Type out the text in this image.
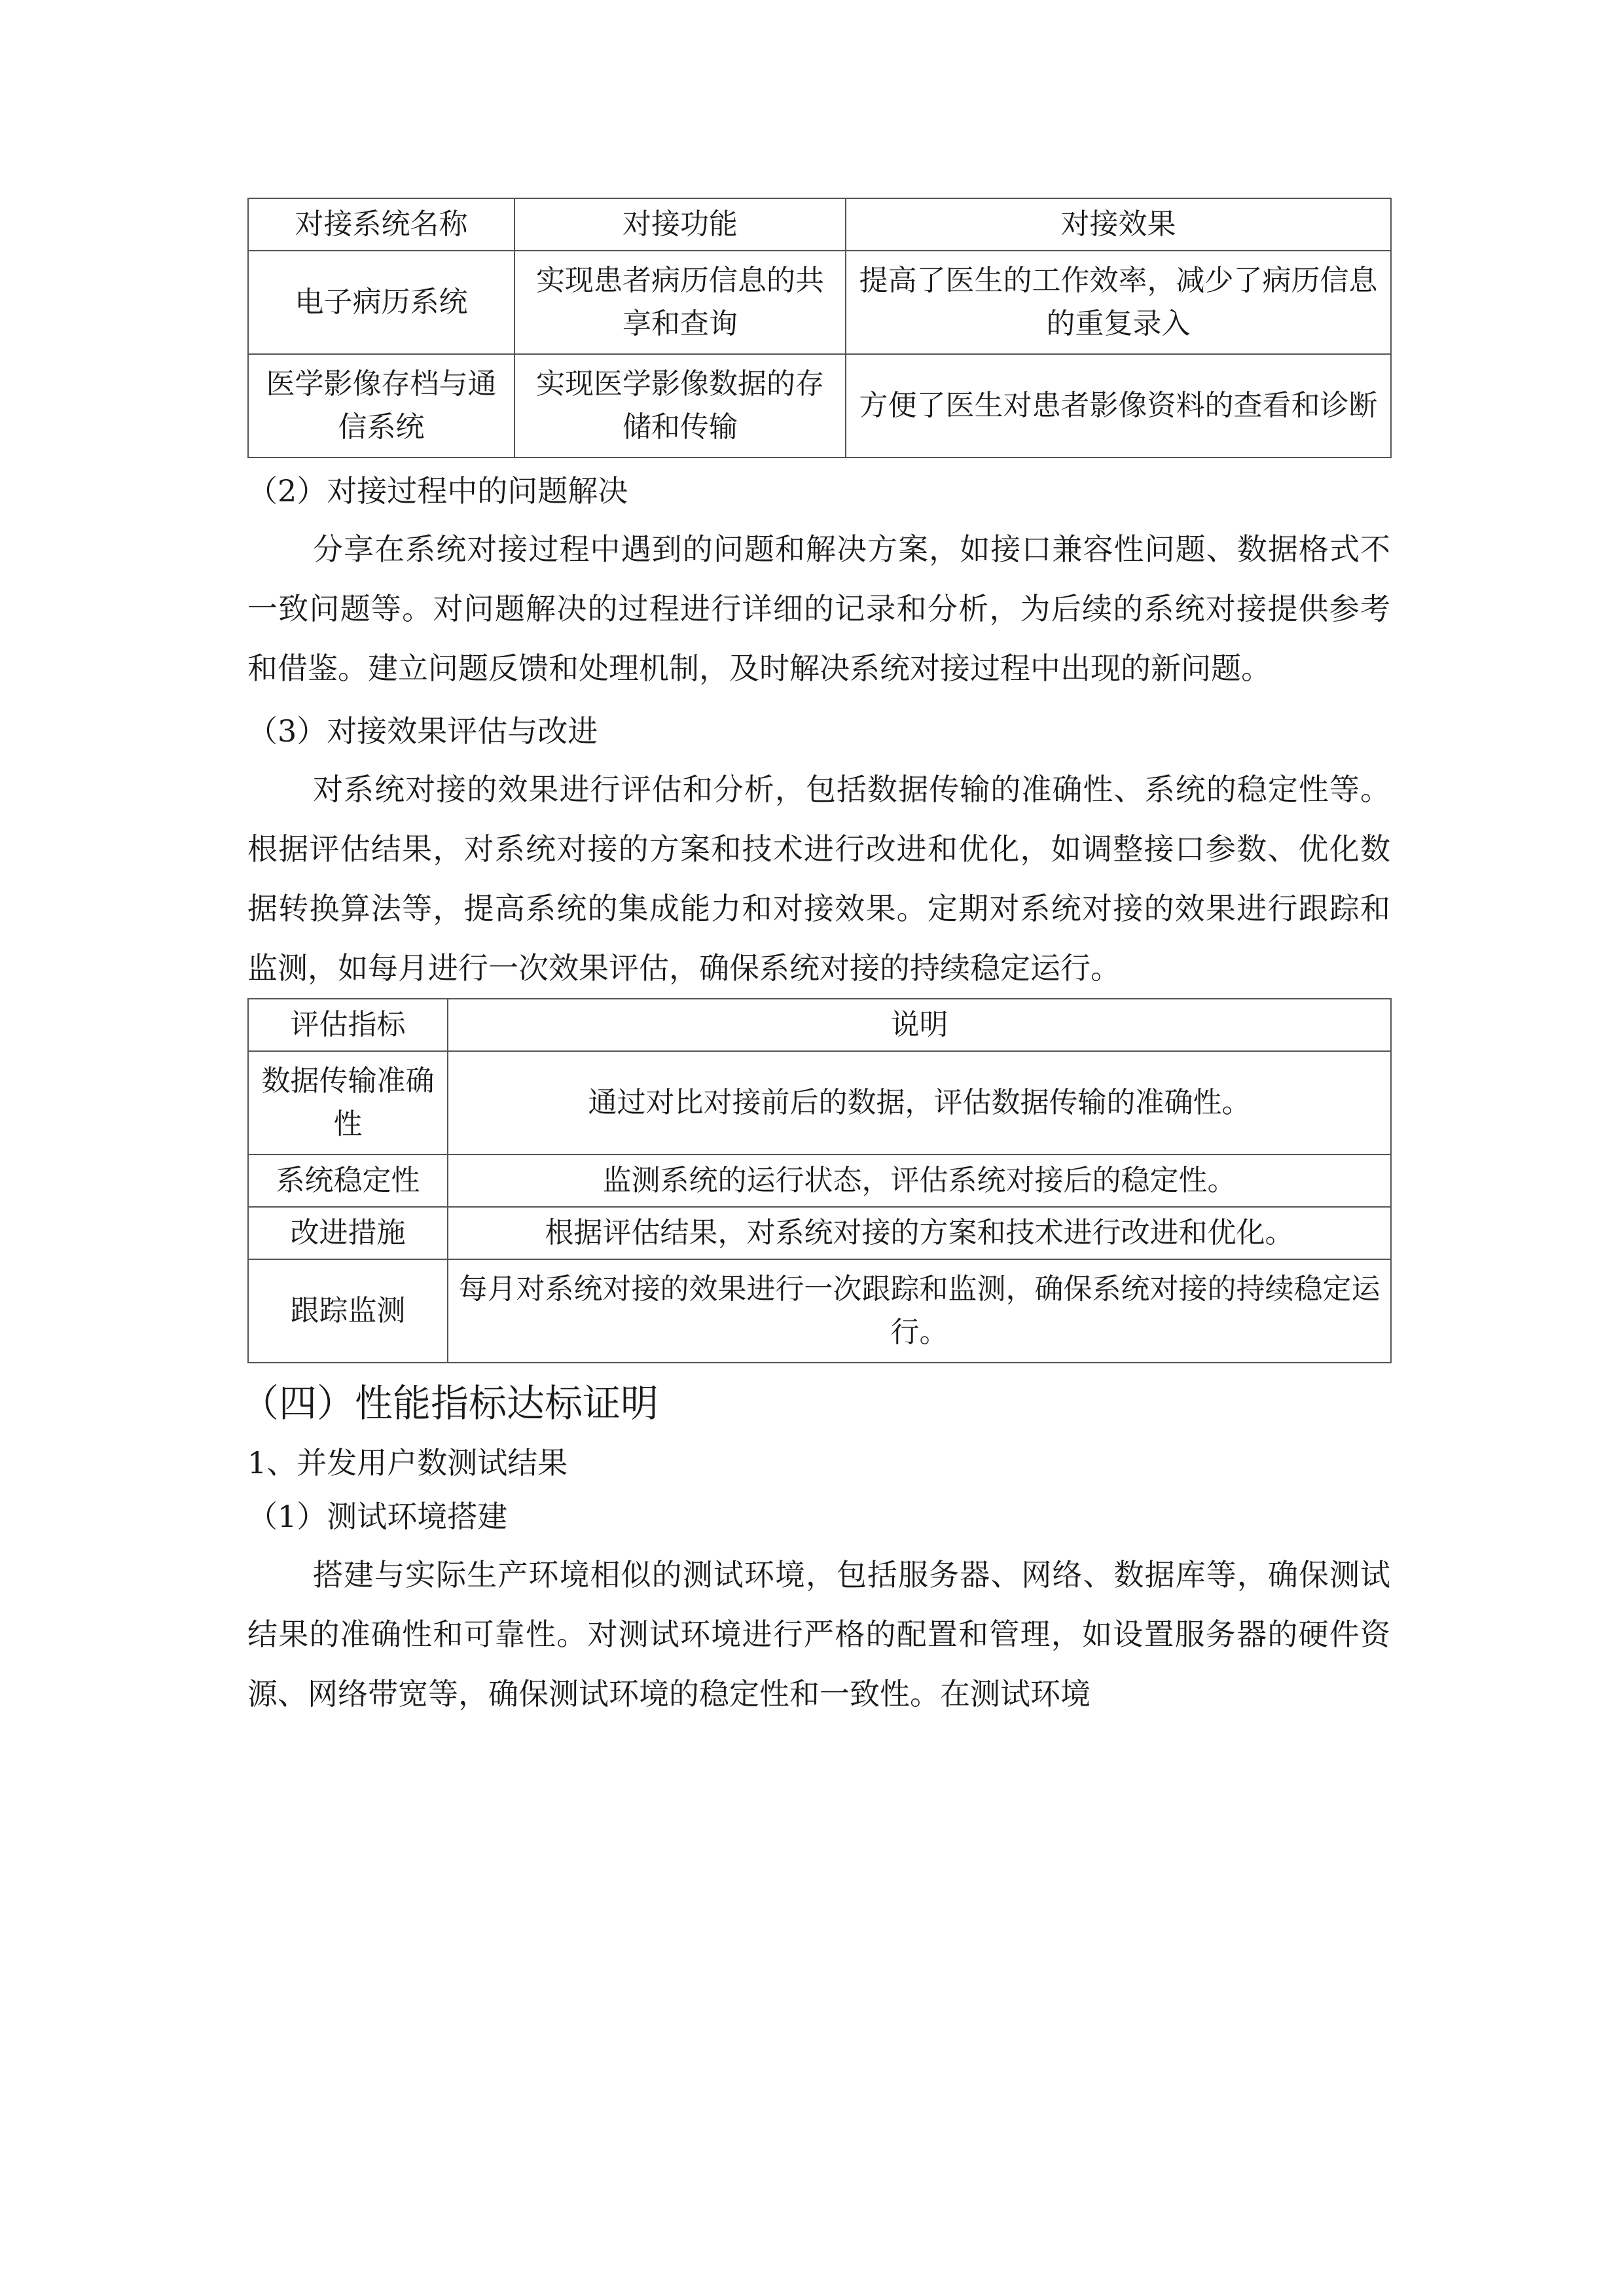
对接系统名称	对接功能	对接效果
电子病历系统	实现患者病历信息的共享和查询	提高了医生的工作效率，减少了病历信息的重复录入
医学影像存档与通信系统	实现医学影像数据的存储和传输	方便了医生对患者影像资料的查看和诊断
（2）对接过程中的问题解决

分享在系统对接过程中遇到的问题和解决方案，如接口兼容性问题、数据格式不一致问题等。对问题解决的过程进行详细的记录和分析，为后续的系统对接提供参考和借鉴。建立问题反馈和处理机制，及时解决系统对接过程中出现的新问题。

（3）对接效果评估与改进

对系统对接的效果进行评估和分析，包括数据传输的准确性、系统的稳定性等。根据评估结果，对系统对接的方案和技术进行改进和优化，如调整接口参数、优化数据转换算法等，提高系统的集成能力和对接效果。定期对系统对接的效果进行跟踪和监测，如每月进行一次效果评估，确保系统对接的持续稳定运行。

评估指标	说明
数据传输准确性	通过对比对接前后的数据，评估数据传输的准确性。
系统稳定性	监测系统的运行状态，评估系统对接后的稳定性。
改进措施	根据评估结果，对系统对接的方案和技术进行改进和优化。
跟踪监测	每月对系统对接的效果进行一次跟踪和监测，确保系统对接的持续稳定运行。
（四）性能指标达标证明
1、并发用户数测试结果
（1）测试环境搭建

搭建与实际生产环境相似的测试环境，包括服务器、网络、数据库等，确保测试结果的准确性和可靠性。对测试环境进行严格的配置和管理，如设置服务器的硬件资源、网络带宽等，确保测试环境的稳定性和一致性。在测试环境
